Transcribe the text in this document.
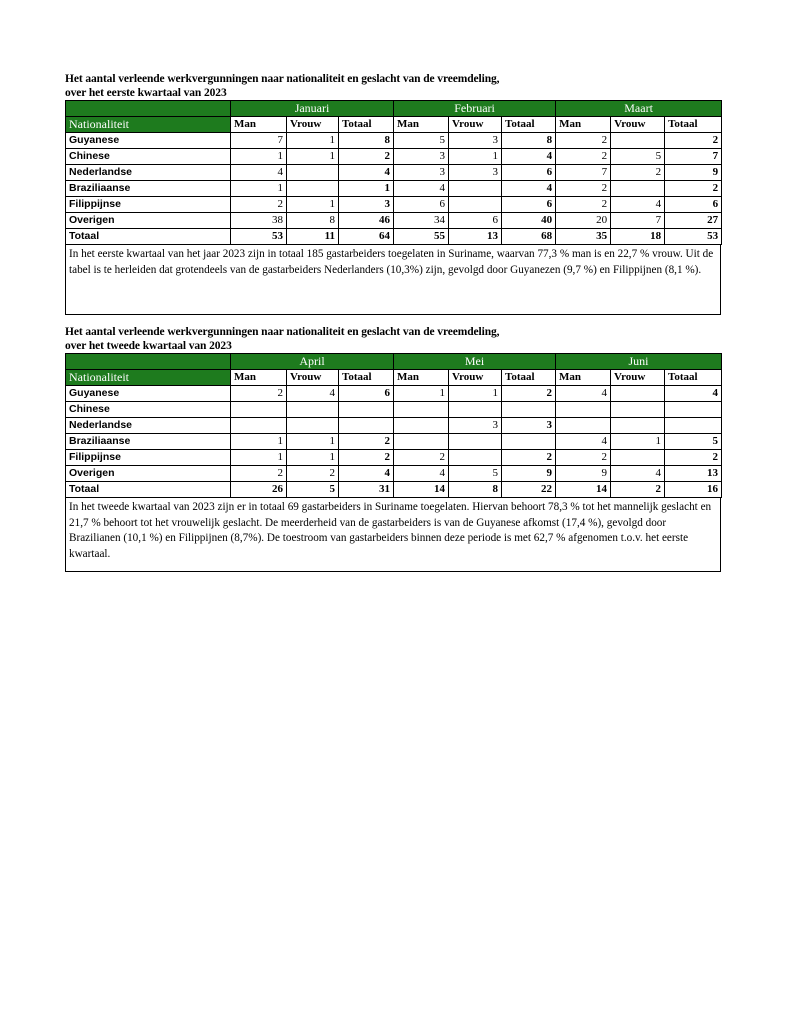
Het aantal verleende werkvergunningen naar nationaliteit en geslacht van de vreemdeling,
over het eerste kwartaal van 2023
	Januari			Februari			Maart		
Nationaliteit	Man	Vrouw	Totaal	Man	Vrouw	Totaal	Man	Vrouw	Totaal
Guyanese	7	1	8	5	3	8	2		2
Chinese	1	1	2	3	1	4	2	5	7
Nederlandse	4		4	3	3	6	7	2	9
Braziliaanse	1		1	4		4	2		2
Filippijnse	2	1	3	6		6	2	4	6
Overigen	38	8	46	34	6	40	20	7	27
Totaal	53	11	64	55	13	68	35	18	53
In het eerste kwartaal van het jaar 2023 zijn in totaal 185 gastarbeiders toegelaten in Suriname, waarvan 77,3 % man is en 22,7 % vrouw. Uit de tabel is te herleiden dat grotendeels van de gastarbeiders Nederlanders (10,3%) zijn, gevolgd door Guyanezen (9,7 %) en Filippijnen (8,1 %).
Het aantal verleende werkvergunningen naar nationaliteit en geslacht van de vreemdeling,
over het tweede kwartaal van 2023
	April			Mei			Juni		
Nationaliteit	Man	Vrouw	Totaal	Man	Vrouw	Totaal	Man	Vrouw	Totaal
Guyanese	2	4	6	1	1	2	4		4
Chinese									
Nederlandse					3	3			
Braziliaanse	1	1	2				4	1	5
Filippijnse	1	1	2	2		2	2		2
Overigen	2	2	4	4	5	9	9	4	13
Totaal	26	5	31	14	8	22	14	2	16
In het tweede kwartaal van 2023 zijn er in totaal 69 gastarbeiders in Suriname toegelaten. Hiervan behoort 78,3 % tot het mannelijk geslacht en 21,7 % behoort tot het vrouwelijk geslacht. De meerderheid van de gastarbeiders is van de Guyanese afkomst (17,4 %), gevolgd door Brazilianen (10,1 %) en Filippijnen (8,7%). De toestroom van gastarbeiders binnen deze periode is met 62,7 % afgenomen t.o.v. het eerste kwartaal.
